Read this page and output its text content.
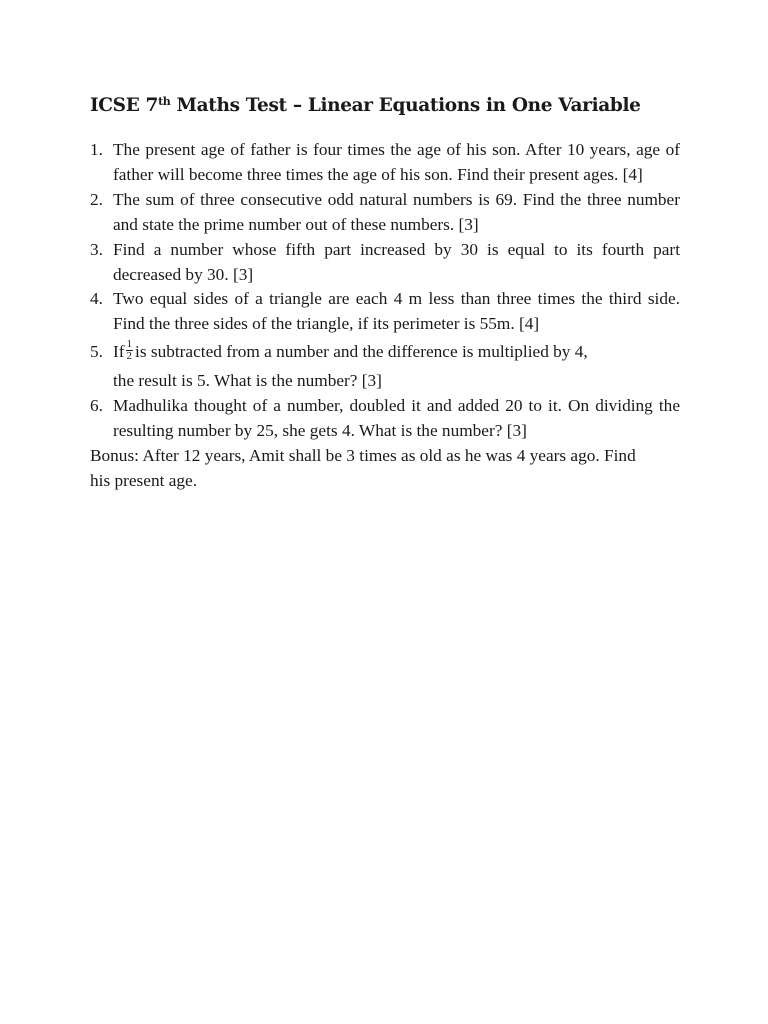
ICSE 7th Maths Test – Linear Equations in One Variable
1. The present age of father is four times the age of his son. After 10 years, age of father will become three times the age of his son. Find their present ages. [4]
2. The sum of three consecutive odd natural numbers is 69. Find the three number and state the prime number out of these numbers. [3]
3. Find a number whose fifth part increased by 30 is equal to its fourth part decreased by 30. [3]
4. Two equal sides of a triangle are each 4 m less than three times the third side. Find the three sides of the triangle, if its perimeter is 55m. [4]
5. If $\frac{1}{2}$ is subtracted from a number and the difference is multiplied by 4,
the result is 5. What is the number? [3]
6. Madhulika thought of a number, doubled it and added 20 to it. On dividing the resulting number by 25, she gets 4. What is the number? [3]

Bonus: After 12 years, Amit shall be 3 times as old as he was 4 years ago. Find his present age.
